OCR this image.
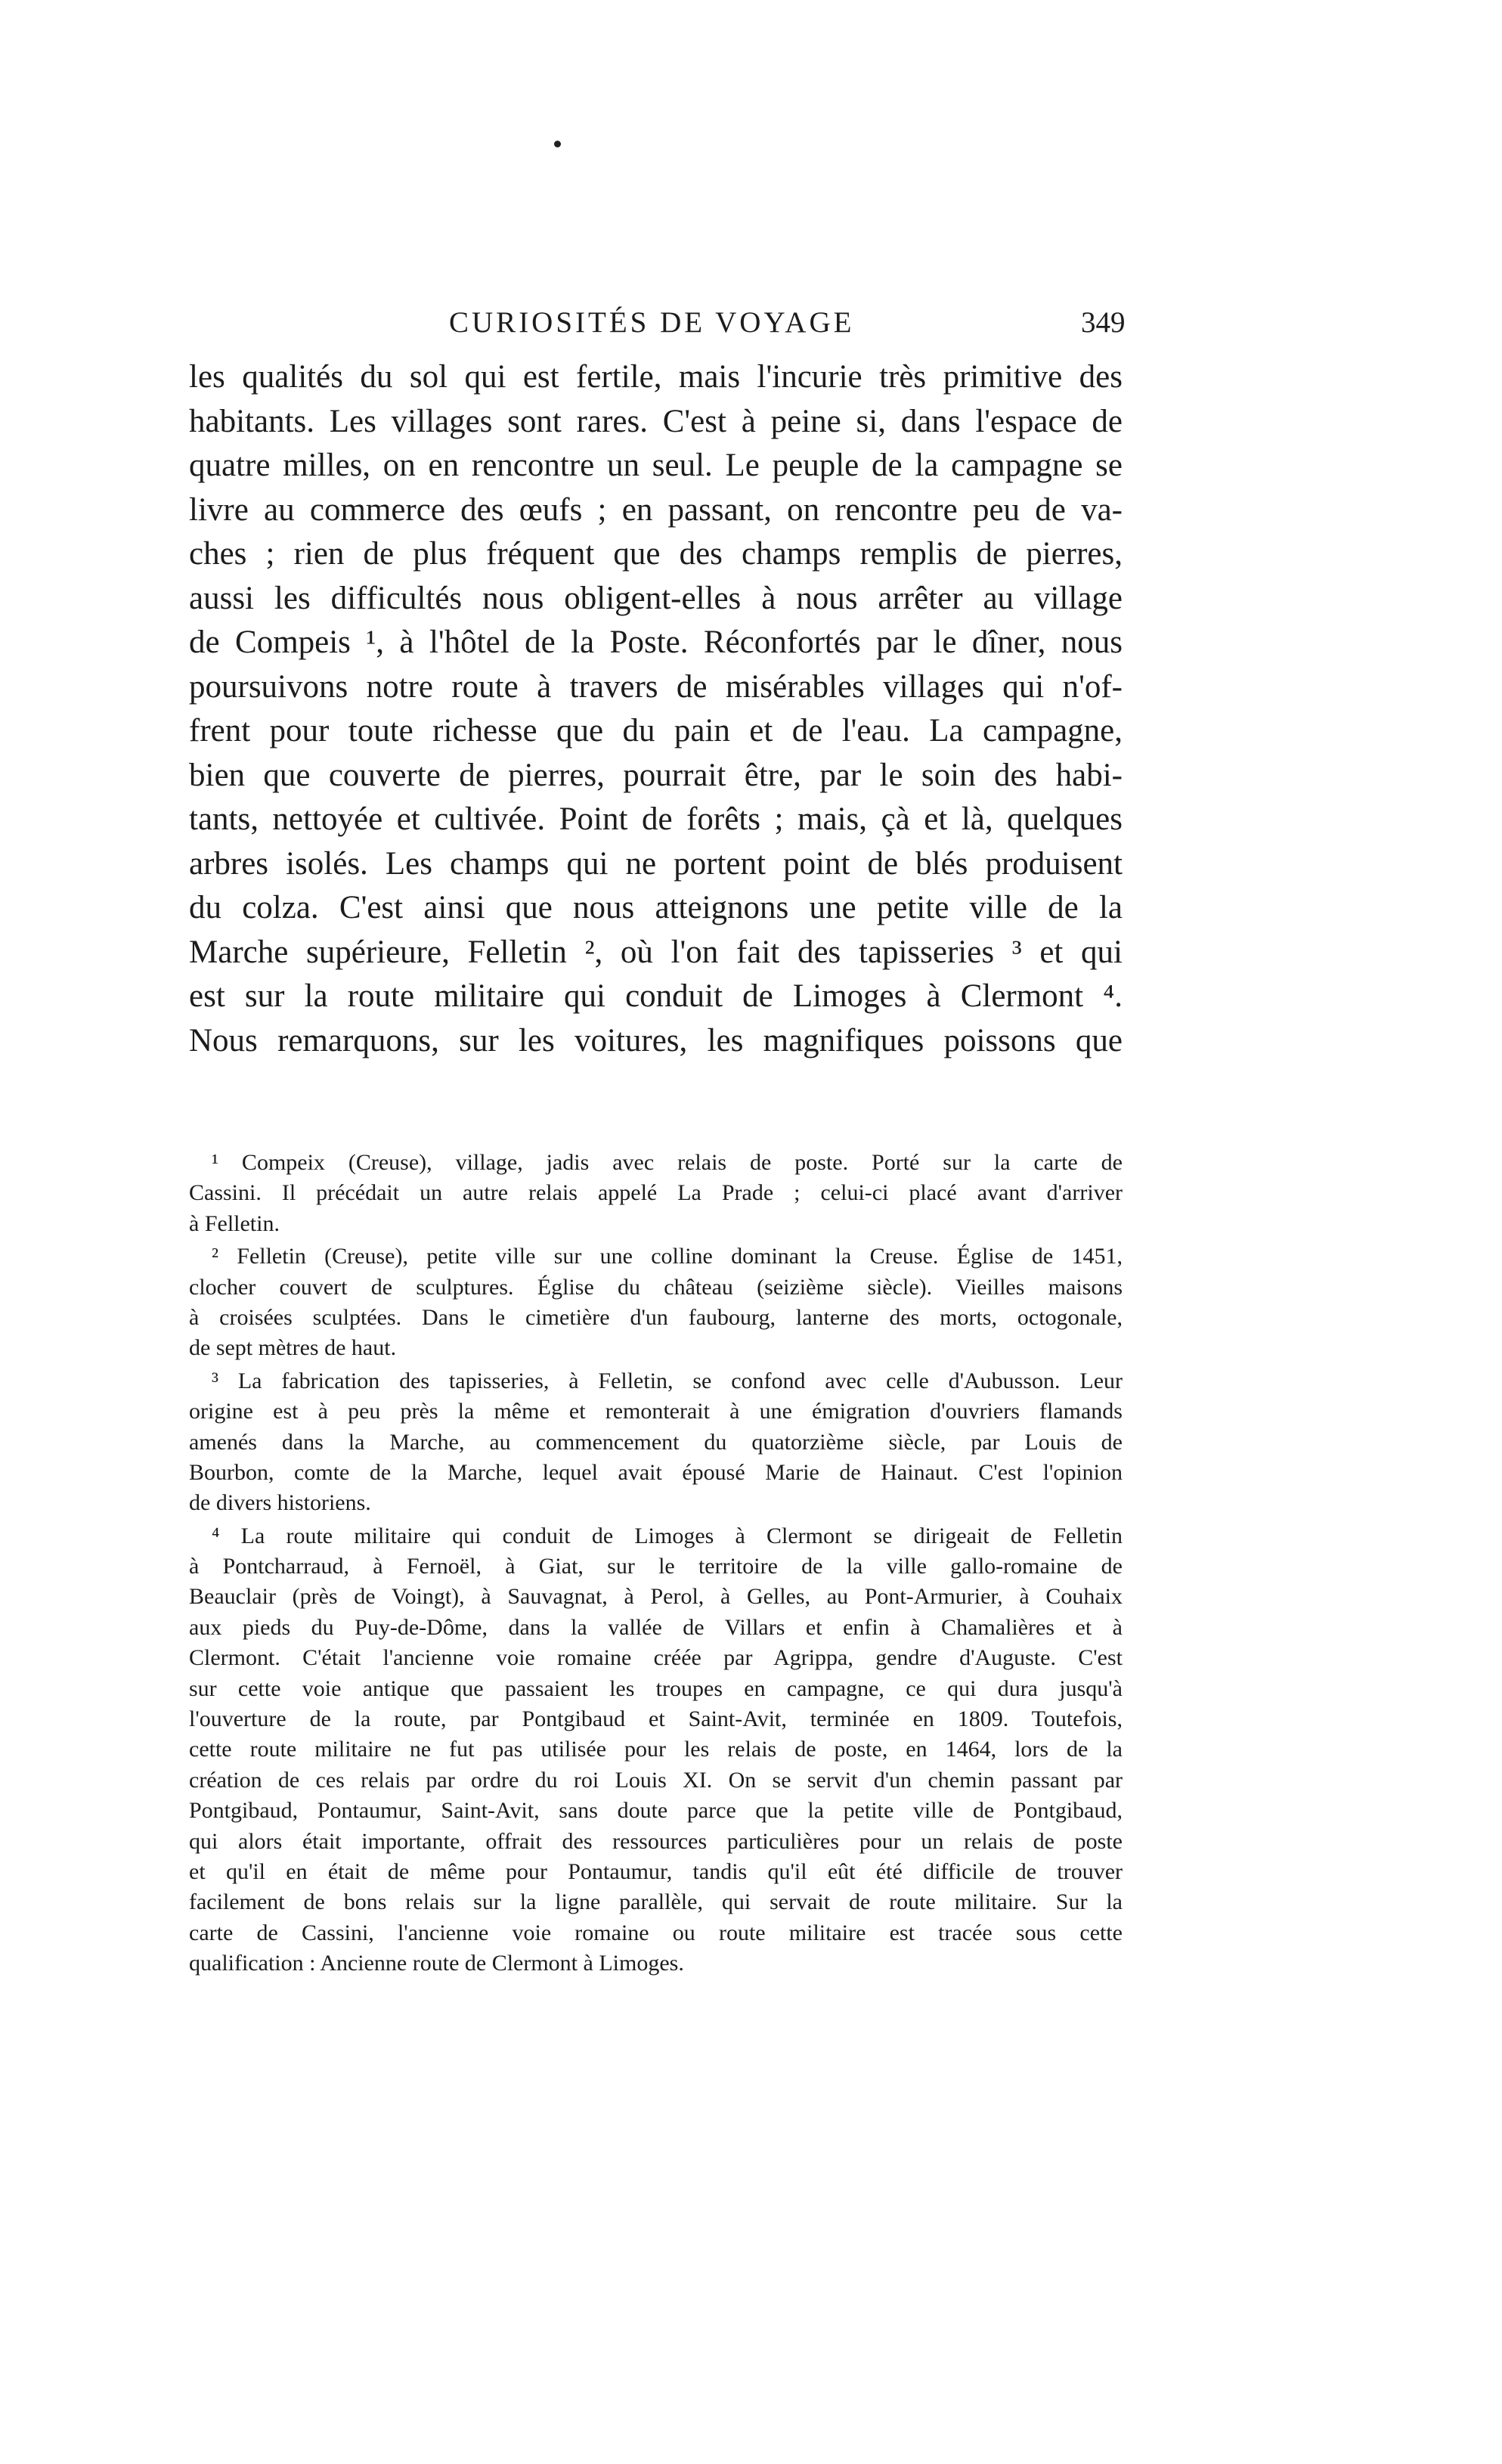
CURIOSITÉS DE VOYAGE	349
les qualités du sol qui est fertile, mais l'incurie très primitive des
habitants. Les villages sont rares. C'est à peine si, dans l'espace de
quatre milles, on en rencontre un seul. Le peuple de la campagne se
livre au commerce des œufs ; en passant, on rencontre peu de va-
ches ; rien de plus fréquent que des champs remplis de pierres,
aussi les difficultés nous obligent-elles à nous arrêter au village
de Compeis ¹, à l'hôtel de la Poste. Réconfortés par le dîner, nous
poursuivons notre route à travers de misérables villages qui n'of-
frent pour toute richesse que du pain et de l'eau. La campagne,
bien que couverte de pierres, pourrait être, par le soin des habi-
tants, nettoyée et cultivée. Point de forêts ; mais, çà et là, quelques
arbres isolés. Les champs qui ne portent point de blés produisent
du colza. C'est ainsi que nous atteignons une petite ville de la
Marche supérieure, Felletin ², où l'on fait des tapisseries ³ et qui
est sur la route militaire qui conduit de Limoges à Clermont ⁴.
Nous remarquons, sur les voitures, les magnifiques poissons que
¹ Compeix (Creuse), village, jadis avec relais de poste. Porté sur la carte de
Cassini. Il précédait un autre relais appelé La Prade ; celui-ci placé avant d'arriver
à Felletin.
² Felletin (Creuse), petite ville sur une colline dominant la Creuse. Église de 1451,
clocher couvert de sculptures. Église du château (seizième siècle). Vieilles maisons
à croisées sculptées. Dans le cimetière d'un faubourg, lanterne des morts, octogonale,
de sept mètres de haut.
³ La fabrication des tapisseries, à Felletin, se confond avec celle d'Aubusson. Leur
origine est à peu près la même et remonterait à une émigration d'ouvriers flamands
amenés dans la Marche, au commencement du quatorzième siècle, par Louis de
Bourbon, comte de la Marche, lequel avait épousé Marie de Hainaut. C'est l'opinion
de divers historiens.
⁴ La route militaire qui conduit de Limoges à Clermont se dirigeait de Felletin
à Pontcharraud, à Fernoël, à Giat, sur le territoire de la ville gallo-romaine de
Beauclair (près de Voingt), à Sauvagnat, à Perol, à Gelles, au Pont-Armurier, à Couhaix
aux pieds du Puy-de-Dôme, dans la vallée de Villars et enfin à Chamalières et à
Clermont. C'était l'ancienne voie romaine créée par Agrippa, gendre d'Auguste. C'est
sur cette voie antique que passaient les troupes en campagne, ce qui dura jusqu'à
l'ouverture de la route, par Pontgibaud et Saint-Avit, terminée en 1809. Toutefois,
cette route militaire ne fut pas utilisée pour les relais de poste, en 1464, lors de la
création de ces relais par ordre du roi Louis XI. On se servit d'un chemin passant par
Pontgibaud, Pontaumur, Saint-Avit, sans doute parce que la petite ville de Pontgibaud,
qui alors était importante, offrait des ressources particulières pour un relais de poste
et qu'il en était de même pour Pontaumur, tandis qu'il eût été difficile de trouver
facilement de bons relais sur la ligne parallèle, qui servait de route militaire. Sur la
carte de Cassini, l'ancienne voie romaine ou route militaire est tracée sous cette
qualification : Ancienne route de Clermont à Limoges.
